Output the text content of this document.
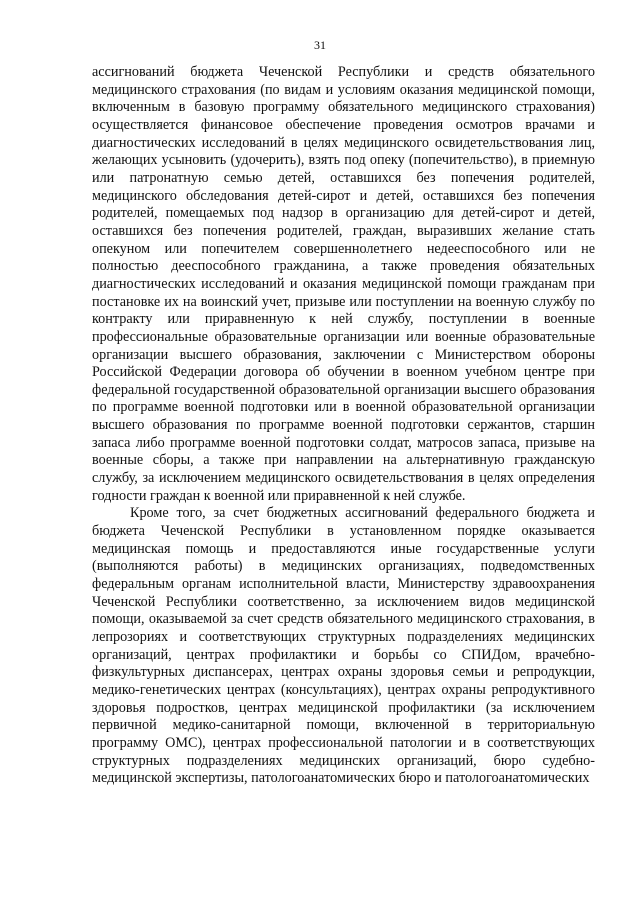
31

ассигнований бюджета Чеченской Республики и средств обязательного медицинского страхования (по видам и условиям оказания медицинской помощи, включенным в базовую программу обязательного медицинского страхования) осуществляется финансовое обеспечение проведения осмотров врачами и диагностических исследований в целях медицинского освидетельствования лиц, желающих усыновить (удочерить), взять под опеку (попечительство), в приемную или патронатную семью детей, оставшихся без попечения родителей, медицинского обследования детей-сирот и детей, оставшихся без попечения родителей, помещаемых под надзор в организацию для детей-сирот и детей, оставшихся без попечения родителей, граждан, выразивших желание стать опекуном или попечителем совершеннолетнего недееспособного или не полностью дееспособного гражданина, а также проведения обязательных диагностических исследований и оказания медицинской помощи гражданам при постановке их на воинский учет, призыве или поступлении на военную службу по контракту или приравненную к ней службу, поступлении в военные профессиональные образовательные организации или военные образовательные организации высшего образования, заключении с Министерством обороны Российской Федерации договора об обучении в военном учебном центре при федеральной государственной образовательной организации высшего образования по программе военной подготовки или в военной образовательной организации высшего образования по программе военной подготовки сержантов, старшин запаса либо программе военной подготовки солдат, матросов запаса, призыве на военные сборы, а также при направлении на альтернативную гражданскую службу, за исключением медицинского освидетельствования в целях определения годности граждан к военной или приравненной к ней службе.

Кроме того, за счет бюджетных ассигнований федерального бюджета и бюджета Чеченской Республики в установленном порядке оказывается медицинская помощь и предоставляются иные государственные услуги (выполняются работы) в медицинских организациях, подведомственных федеральным органам исполнительной власти, Министерству здравоохранения Чеченской Республики соответственно, за исключением видов медицинской помощи, оказываемой за счет средств обязательного медицинского страхования, в лепрозориях и соответствующих структурных подразделениях медицинских организаций, центрах профилактики и борьбы со СПИДом, врачебно-физкультурных диспансерах, центрах охраны здоровья семьи и репродукции, медико-генетических центрах (консультациях), центрах охраны репродуктивного здоровья подростков, центрах медицинской профилактики (за исключением первичной медико-санитарной помощи, включенной в территориальную программу ОМС), центрах профессиональной патологии и в соответствующих структурных подразделениях медицинских организаций, бюро судебно-медицинской экспертизы, патологоанатомических бюро и патологоанатомических
